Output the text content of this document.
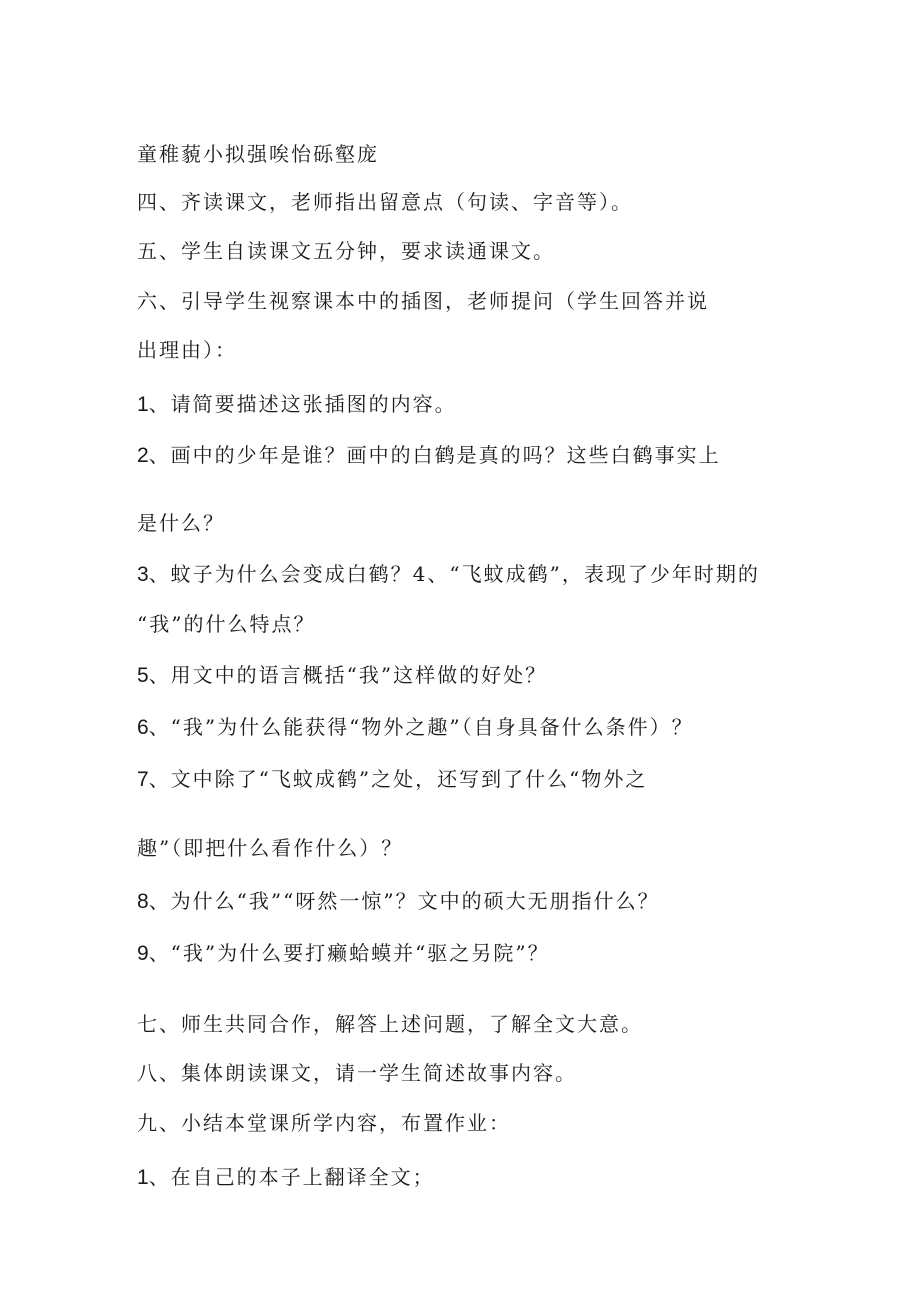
童稚藐小拟强唉怡砾壑庞
四、齐读课文，老师指出留意点（句读、字音等）。
五、学生自读课文五分钟，要求读通课文。
六、引导学生视察课本中的插图，老师提问（学生回答并说
出理由）：
1、请简要描述这张插图的内容。
2、画中的少年是谁？画中的白鹤是真的吗？这些白鹤事实上
是什么？
3、蚊子为什么会变成白鹤？4、“飞蚊成鹤”，表现了少年时期的
“我”的什么特点？
5、用文中的语言概括“我”这样做的好处？
6、“我”为什么能获得“物外之趣”（自身具备什么条件）？
7、文中除了“飞蚊成鹤”之处，还写到了什么“物外之
趣”（即把什么看作什么）？
8、为什么“我”“呀然一惊”？文中的硕大无朋指什么？
9、“我”为什么要打癞蛤蟆并“驱之另院”？
七、师生共同合作，解答上述问题，了解全文大意。
八、集体朗读课文，请一学生简述故事内容。
九、小结本堂课所学内容，布置作业：
1、在自己的本子上翻译全文；
